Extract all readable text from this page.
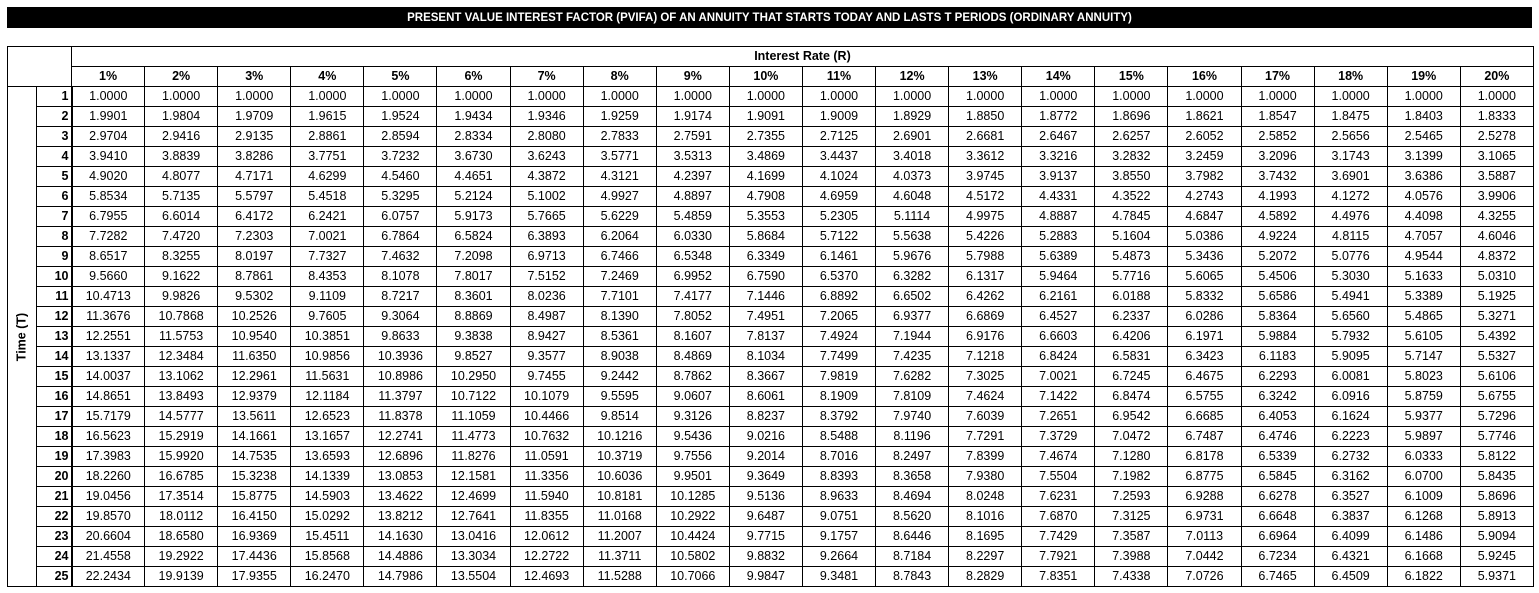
PRESENT VALUE INTEREST FACTOR (PVIFA) OF AN ANNUITY THAT STARTS TODAY AND LASTS T PERIODS (ORDINARY ANNUITY)
		Interest Rate (R)																			
		1%	2%	3%	4%	5%	6%	7%	8%	9%	10%	11%	12%	13%	14%	15%	16%	17%	18%	19%	20%

Time (T)	1	1.0000	1.0000	1.0000	1.0000	1.0000	1.0000	1.0000	1.0000	1.0000	1.0000	1.0000	1.0000	1.0000	1.0000	1.0000	1.0000	1.0000	1.0000	1.0000	1.0000
	2	1.9901	1.9804	1.9709	1.9615	1.9524	1.9434	1.9346	1.9259	1.9174	1.9091	1.9009	1.8929	1.8850	1.8772	1.8696	1.8621	1.8547	1.8475	1.8403	1.8333
	3	2.9704	2.9416	2.9135	2.8861	2.8594	2.8334	2.8080	2.7833	2.7591	2.7355	2.7125	2.6901	2.6681	2.6467	2.6257	2.6052	2.5852	2.5656	2.5465	2.5278
	4	3.9410	3.8839	3.8286	3.7751	3.7232	3.6730	3.6243	3.5771	3.5313	3.4869	3.4437	3.4018	3.3612	3.3216	3.2832	3.2459	3.2096	3.1743	3.1399	3.1065
	5	4.9020	4.8077	4.7171	4.6299	4.5460	4.4651	4.3872	4.3121	4.2397	4.1699	4.1024	4.0373	3.9745	3.9137	3.8550	3.7982	3.7432	3.6901	3.6386	3.5887
	6	5.8534	5.7135	5.5797	5.4518	5.3295	5.2124	5.1002	4.9927	4.8897	4.7908	4.6959	4.6048	4.5172	4.4331	4.3522	4.2743	4.1993	4.1272	4.0576	3.9906
	7	6.7955	6.6014	6.4172	6.2421	6.0757	5.9173	5.7665	5.6229	5.4859	5.3553	5.2305	5.1114	4.9975	4.8887	4.7845	4.6847	4.5892	4.4976	4.4098	4.3255
	8	7.7282	7.4720	7.2303	7.0021	6.7864	6.5824	6.3893	6.2064	6.0330	5.8684	5.7122	5.5638	5.4226	5.2883	5.1604	5.0386	4.9224	4.8115	4.7057	4.6046
	9	8.6517	8.3255	8.0197	7.7327	7.4632	7.2098	6.9713	6.7466	6.5348	6.3349	6.1461	5.9676	5.7988	5.6389	5.4873	5.3436	5.2072	5.0776	4.9544	4.8372
	10	9.5660	9.1622	8.7861	8.4353	8.1078	7.8017	7.5152	7.2469	6.9952	6.7590	6.5370	6.3282	6.1317	5.9464	5.7716	5.6065	5.4506	5.3030	5.1633	5.0310
	11	10.4713	9.9826	9.5302	9.1109	8.7217	8.3601	8.0236	7.7101	7.4177	7.1446	6.8892	6.6502	6.4262	6.2161	6.0188	5.8332	5.6586	5.4941	5.3389	5.1925
	12	11.3676	10.7868	10.2526	9.7605	9.3064	8.8869	8.4987	8.1390	7.8052	7.4951	7.2065	6.9377	6.6869	6.4527	6.2337	6.0286	5.8364	5.6560	5.4865	5.3271
	13	12.2551	11.5753	10.9540	10.3851	9.8633	9.3838	8.9427	8.5361	8.1607	7.8137	7.4924	7.1944	6.9176	6.6603	6.4206	6.1971	5.9884	5.7932	5.6105	5.4392
	14	13.1337	12.3484	11.6350	10.9856	10.3936	9.8527	9.3577	8.9038	8.4869	8.1034	7.7499	7.4235	7.1218	6.8424	6.5831	6.3423	6.1183	5.9095	5.7147	5.5327
	15	14.0037	13.1062	12.2961	11.5631	10.8986	10.2950	9.7455	9.2442	8.7862	8.3667	7.9819	7.6282	7.3025	7.0021	6.7245	6.4675	6.2293	6.0081	5.8023	5.6106
	16	14.8651	13.8493	12.9379	12.1184	11.3797	10.7122	10.1079	9.5595	9.0607	8.6061	8.1909	7.8109	7.4624	7.1422	6.8474	6.5755	6.3242	6.0916	5.8759	5.6755
	17	15.7179	14.5777	13.5611	12.6523	11.8378	11.1059	10.4466	9.8514	9.3126	8.8237	8.3792	7.9740	7.6039	7.2651	6.9542	6.6685	6.4053	6.1624	5.9377	5.7296
	18	16.5623	15.2919	14.1661	13.1657	12.2741	11.4773	10.7632	10.1216	9.5436	9.0216	8.5488	8.1196	7.7291	7.3729	7.0472	6.7487	6.4746	6.2223	5.9897	5.7746
	19	17.3983	15.9920	14.7535	13.6593	12.6896	11.8276	11.0591	10.3719	9.7556	9.2014	8.7016	8.2497	7.8399	7.4674	7.1280	6.8178	6.5339	6.2732	6.0333	5.8122
	20	18.2260	16.6785	15.3238	14.1339	13.0853	12.1581	11.3356	10.6036	9.9501	9.3649	8.8393	8.3658	7.9380	7.5504	7.1982	6.8775	6.5845	6.3162	6.0700	5.8435
	21	19.0456	17.3514	15.8775	14.5903	13.4622	12.4699	11.5940	10.8181	10.1285	9.5136	8.9633	8.4694	8.0248	7.6231	7.2593	6.9288	6.6278	6.3527	6.1009	5.8696
	22	19.8570	18.0112	16.4150	15.0292	13.8212	12.7641	11.8355	11.0168	10.2922	9.6487	9.0751	8.5620	8.1016	7.6870	7.3125	6.9731	6.6648	6.3837	6.1268	5.8913
	23	20.6604	18.6580	16.9369	15.4511	14.1630	13.0416	12.0612	11.2007	10.4424	9.7715	9.1757	8.6446	8.1695	7.7429	7.3587	7.0113	6.6964	6.4099	6.1486	5.9094
	24	21.4558	19.2922	17.4436	15.8568	14.4886	13.3034	12.2722	11.3711	10.5802	9.8832	9.2664	8.7184	8.2297	7.7921	7.3988	7.0442	6.7234	6.4321	6.1668	5.9245
	25	22.2434	19.9139	17.9355	16.2470	14.7986	13.5504	12.4693	11.5288	10.7066	9.9847	9.3481	8.7843	8.2829	7.8351	7.4338	7.0726	6.7465	6.4509	6.1822	5.9371
